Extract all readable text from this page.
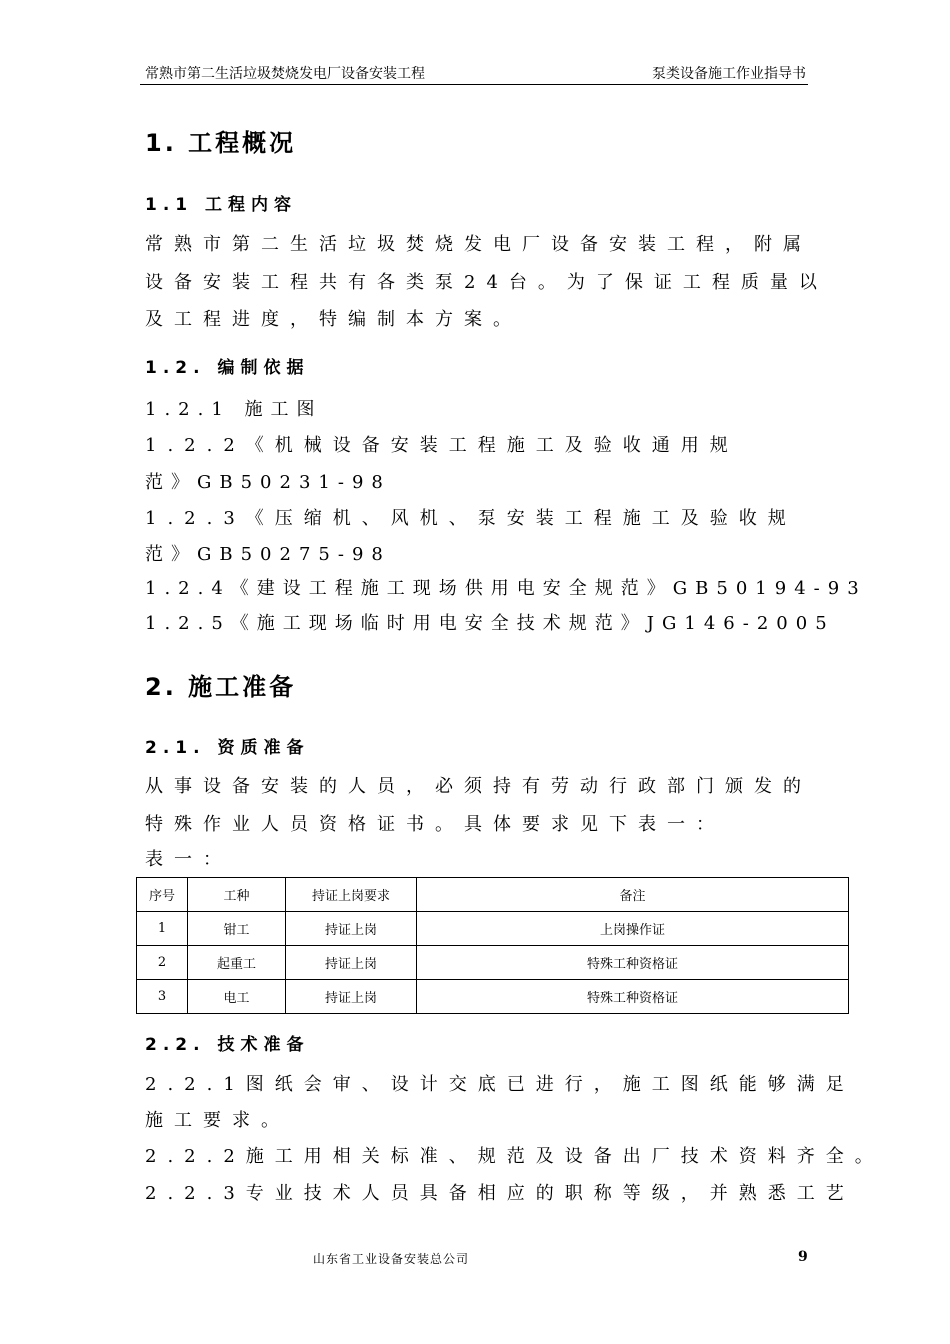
常熟市第二生活垃圾焚烧发电厂设备安装工程	泵类设备施工作业指导书
1. 工程概况
1.1 工程内容
常熟市第二生活垃圾焚烧发电厂设备安装工程，附属
设备安装工程共有各类泵24台。为了保证工程质量以
及工程进度，特编制本方案。
1.2. 编制依据
1.2.1 施工图
1.2.2《机械设备安装工程施工及验收通用规
范》GB50231-98
1.2.3《压缩机、风机、泵安装工程施工及验收规
范》GB50275-98
1.2.4《建设工程施工现场供用电安全规范》GB50194-93
1.2.5《施工现场临时用电安全技术规范》JG146-2005
2. 施工准备
2.1. 资质准备
从事设备安装的人员，必须持有劳动行政部门颁发的
特殊作业人员资格证书。具体要求见下表一：
表一：
序号	工种	持证上岗要求	备注
1	钳工	持证上岗	上岗操作证
2	起重工	持证上岗	特殊工种资格证
3	电工	持证上岗	特殊工种资格证
2.2. 技术准备
2.2.1图纸会审、设计交底已进行，施工图纸能够满足
施工要求。
2.2.2施工用相关标准、规范及设备出厂技术资料齐全。
2.2.3专业技术人员具备相应的职称等级，并熟悉工艺
山东省工业设备安装总公司	9
